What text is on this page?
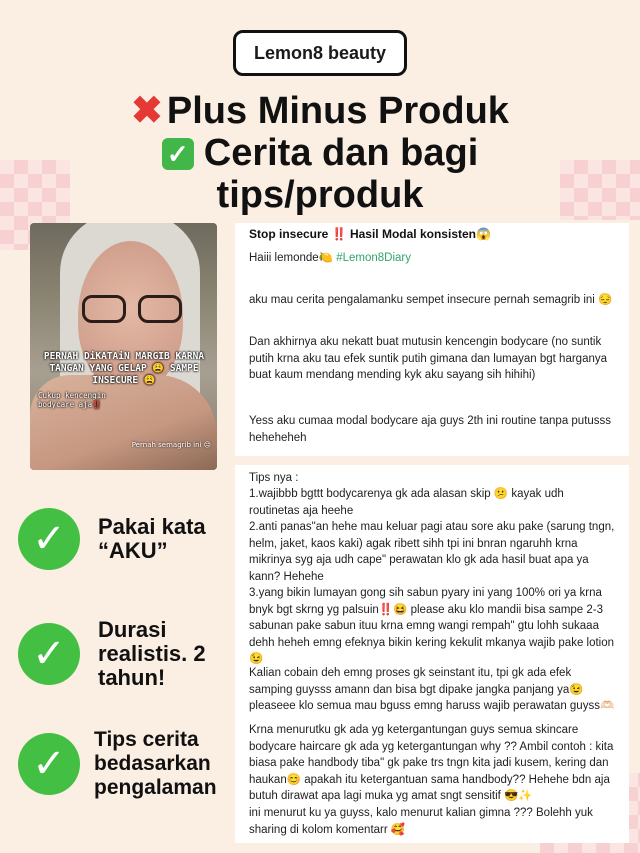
Lemon8 beauty
✖ Plus Minus Produk
✓ Cerita dan bagi
tips/produk
PERNAH DiKATAiN MARGIB KARNA TANGAN YANG GELAP 😩 SAMPE INSECURE 😩
Cukup kencengin bodycare aja‼️
Pernah semagrib ini 😔
✓	Pakai kata “AKU”
✓
Durasi realistis. 2 tahun!
✓
Tips cerita bedasarkan pengalaman
Stop insecure ‼️ Hasil Modal konsisten😱
Haiii lemonde🍋 #Lemon8Diary
aku mau cerita pengalamanku sempet insecure pernah semagrib ini 😔
Dan akhirnya aku nekatt buat mutusin kencengin bodycare (no suntik putih krna aku tau efek suntik putih gimana dan lumayan bgt harganya buat kaum mendang mending kyk aku sayang sih hihihi)
Yess aku cumaa modal bodycare aja guys 2th ini routine tanpa putusss heheheheh
Tips nya :
1.wajibbb bgttt bodycarenya gk ada alasan skip 😕 kayak udh routinetas aja heehe
2.anti panas"an hehe mau keluar pagi atau sore aku pake (sarung tngn, helm, jaket, kaos kaki) agak ribett sihh tpi ini bnran ngaruhh krna mikrinya syg aja udh cape" perawatan klo gk ada hasil buat apa ya kann? Hehehe
3.yang bikin lumayan gong sih sabun pyary ini yang 100% ori ya krna bnyk bgt skrng yg palsuin‼️😆 please aku klo mandii bisa sampe 2-3 sabunan pake sabun ituu krna emng wangi rempah" gtu lohh sukaaa dehh heheh emng efeknya bikin kering kekulit mkanya wajib pake lotion 😉
Kalian cobain deh emng proses gk seinstant itu, tpi gk ada efek samping guysss amann dan bisa bgt dipake jangka panjang ya😉 pleaseee klo semua mau bguss emng haruss wajib perawatan guyss🫶🏻
Krna menurutku gk ada yg ketergantungan guys semua skincare bodycare haircare gk ada yg ketergantungan why ?? Ambil contoh : kita biasa pake handbody tiba" gk pake trs tngn kita jadi kusem, kering dan haukan😊 apakah itu ketergantuan sama handbody?? Hehehe bdn aja butuh dirawat apa lagi muka yg amat sngt sensitif 😎✨
ini menurut ku ya guyss, kalo menurut kalian gimna ??? Bolehh yuk sharing di kolom komentarr 🥰
